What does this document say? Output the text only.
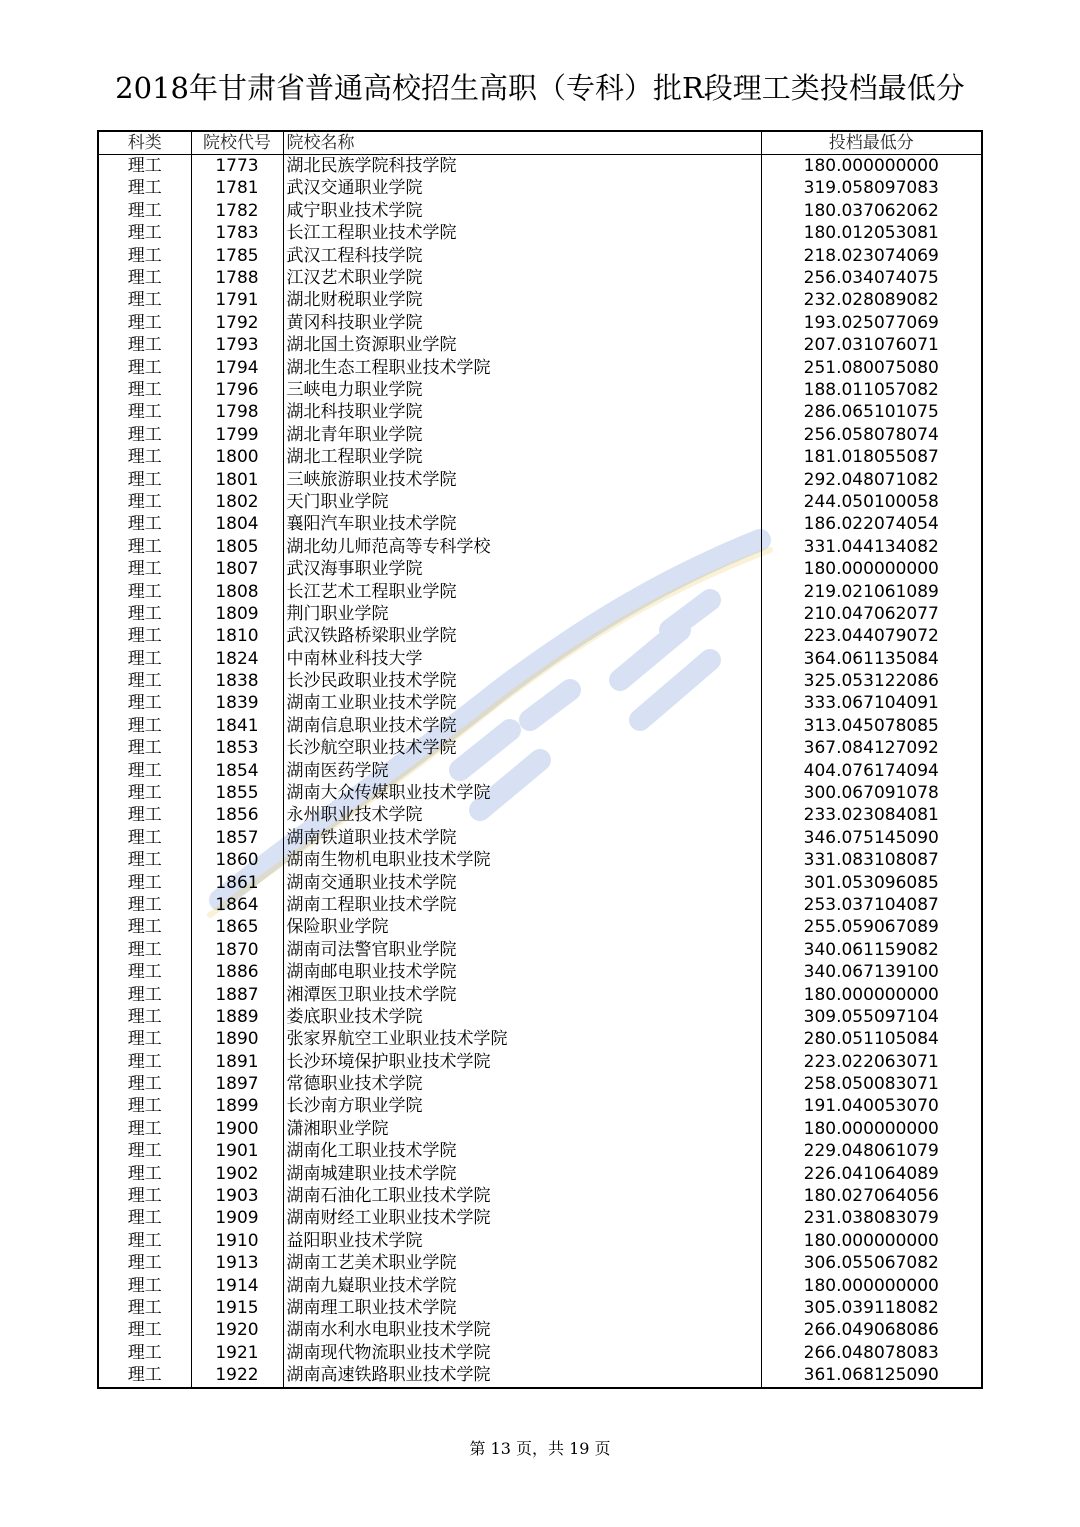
2018年甘肃省普通高校招生高职（专科）批R段理工类投档最低分
科类	院校代号	院校名称	投档最低分
理工	1773	湖北民族学院科技学院	180.000000000
理工	1781	武汉交通职业学院	319.058097083
理工	1782	咸宁职业技术学院	180.037062062
理工	1783	长江工程职业技术学院	180.012053081
理工	1785	武汉工程科技学院	218.023074069
理工	1788	江汉艺术职业学院	256.034074075
理工	1791	湖北财税职业学院	232.028089082
理工	1792	黄冈科技职业学院	193.025077069
理工	1793	湖北国土资源职业学院	207.031076071
理工	1794	湖北生态工程职业技术学院	251.080075080
理工	1796	三峡电力职业学院	188.011057082
理工	1798	湖北科技职业学院	286.065101075
理工	1799	湖北青年职业学院	256.058078074
理工	1800	湖北工程职业学院	181.018055087
理工	1801	三峡旅游职业技术学院	292.048071082
理工	1802	天门职业学院	244.050100058
理工	1804	襄阳汽车职业技术学院	186.022074054
理工	1805	湖北幼儿师范高等专科学校	331.044134082
理工	1807	武汉海事职业学院	180.000000000
理工	1808	长江艺术工程职业学院	219.021061089
理工	1809	荆门职业学院	210.047062077
理工	1810	武汉铁路桥梁职业学院	223.044079072
理工	1824	中南林业科技大学	364.061135084
理工	1838	长沙民政职业技术学院	325.053122086
理工	1839	湖南工业职业技术学院	333.067104091
理工	1841	湖南信息职业技术学院	313.045078085
理工	1853	长沙航空职业技术学院	367.084127092
理工	1854	湖南医药学院	404.076174094
理工	1855	湖南大众传媒职业技术学院	300.067091078
理工	1856	永州职业技术学院	233.023084081
理工	1857	湖南铁道职业技术学院	346.075145090
理工	1860	湖南生物机电职业技术学院	331.083108087
理工	1861	湖南交通职业技术学院	301.053096085
理工	1864	湖南工程职业技术学院	253.037104087
理工	1865	保险职业学院	255.059067089
理工	1870	湖南司法警官职业学院	340.061159082
理工	1886	湖南邮电职业技术学院	340.067139100
理工	1887	湘潭医卫职业技术学院	180.000000000
理工	1889	娄底职业技术学院	309.055097104
理工	1890	张家界航空工业职业技术学院	280.051105084
理工	1891	长沙环境保护职业技术学院	223.022063071
理工	1897	常德职业技术学院	258.050083071
理工	1899	长沙南方职业学院	191.040053070
理工	1900	潇湘职业学院	180.000000000
理工	1901	湖南化工职业技术学院	229.048061079
理工	1902	湖南城建职业技术学院	226.041064089
理工	1903	湖南石油化工职业技术学院	180.027064056
理工	1909	湖南财经工业职业技术学院	231.038083079
理工	1910	益阳职业技术学院	180.000000000
理工	1913	湖南工艺美术职业学院	306.055067082
理工	1914	湖南九嶷职业技术学院	180.000000000
理工	1915	湖南理工职业技术学院	305.039118082
理工	1920	湖南水利水电职业技术学院	266.049068086
理工	1921	湖南现代物流职业技术学院	266.048078083
理工	1922	湖南高速铁路职业技术学院	361.068125090
第 13 页，共 19 页
